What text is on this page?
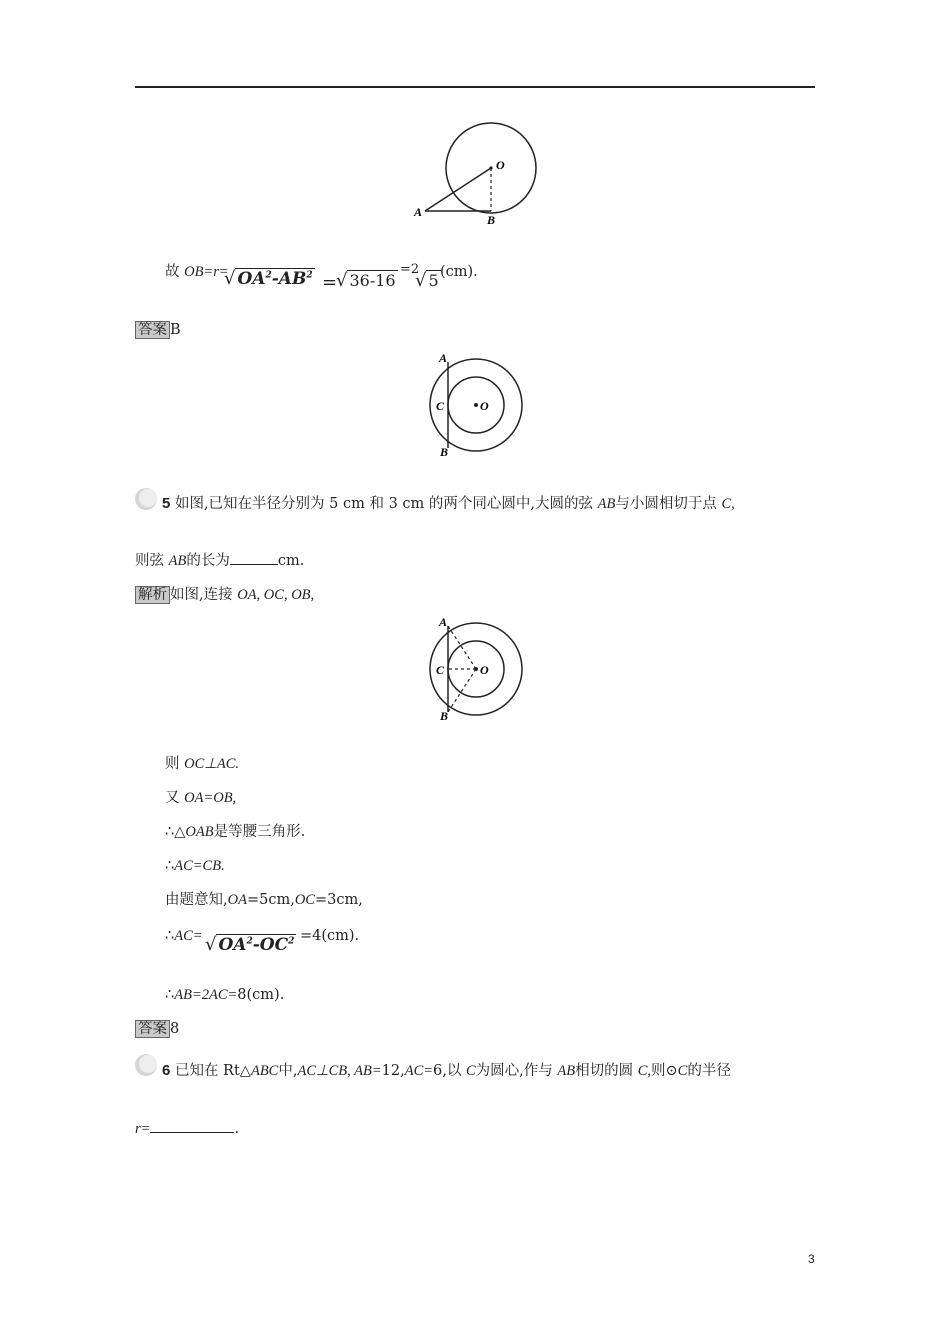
O
A
B
故 OB=r=
√ $OA^2-AB^2$ =
√ 36-16
=2
√ 5 (cm).
答案 B
A
C	O
B
5 如图,已知在半径分别为 5 cm 和 3 cm 的两个同心圆中,大圆的弦 AB与小圆相切于点 C,
则弦 AB的长为	cm.
解析 如图,连接 OA, OC, OB,
A
C	O
B
则 OC⊥AC.
又 OA=OB,
∴△OAB是等腰三角形.
∴AC=CB.
由题意知,OA=5cm,OC=3cm,
∴AC= √ $OA^2-OC^2 =4(cm)$.
∴AB=2AC=8(cm).
答案 8
6 已知在 Rt△ABC中,AC⊥CB, AB=12,AC=6,以 C为圆心,作与 AB相切的圆 C,则⊙C的半径
r=	.
3
